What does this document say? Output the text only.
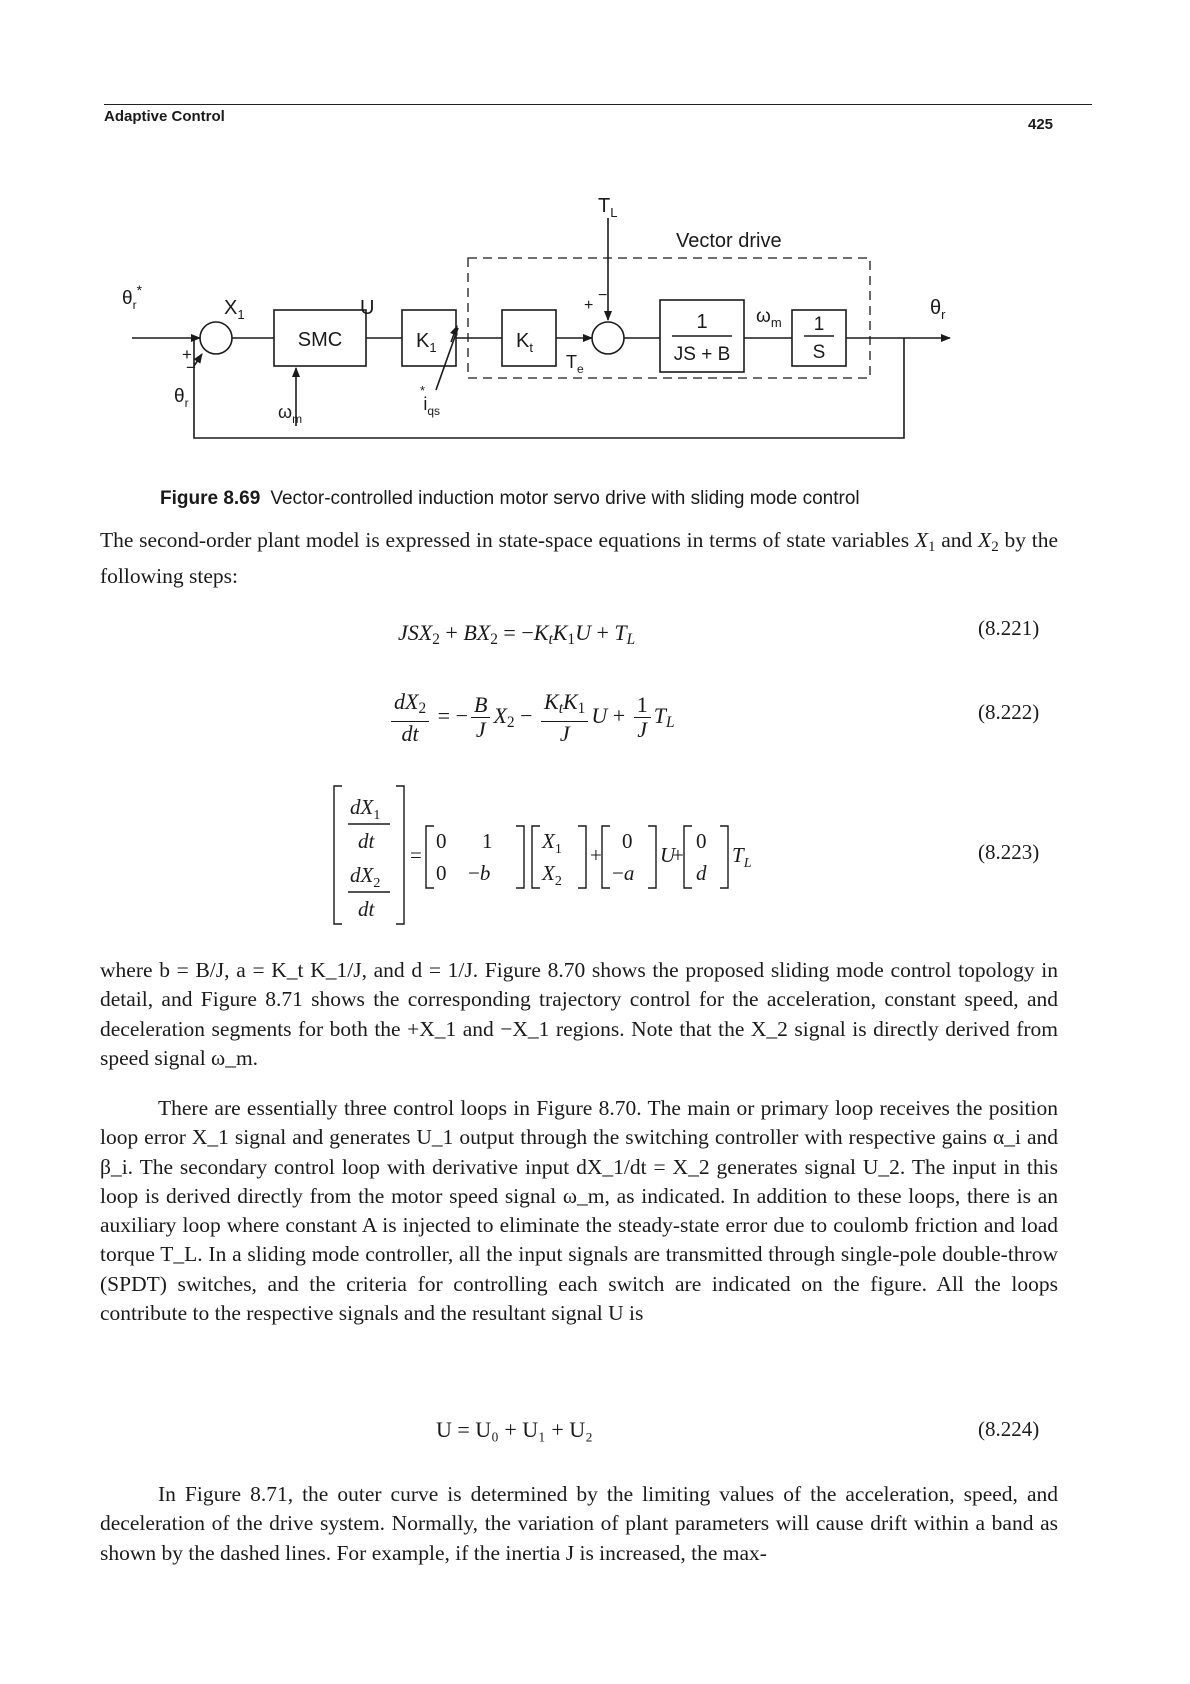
Adaptive Control	425
$T_L$
Vector drive
$\theta_r^*$
+
−
$\theta_r$
$X_1$
SMC
U
$K_1$	$K_t$
$T_e$
+
−
1
JS + B
$\omega_m$ 1
S
$\theta_r$
$\omega_m$
$i_{qs}*$
Figure 8.69 Vector-controlled induction motor servo drive with sliding mode control
The second-order plant model is expressed in state-space equations in terms of state variables $X_1$ and $X_2$ by the following steps:
$JSX_2 + BX_2 = -K_tK_1U + T_L$	(8.221)
$\frac{dX_2}{dt}$ = − $\frac{B}{J} X_2 - \frac{K_tK_1}{J}$ $U + \frac{1}{J} T_L$	(8.222)
$dX_1$
dt
$dX_2$
dt
=
0 1
0 −b
$X_1$
$X_2$
+
0
−a
U
+
0
d
$T_L$	(8.223)
where b = B/J, a = K_t K_1/J, and d = 1/J. Figure 8.70 shows the proposed sliding mode control topology in detail, and Figure 8.71 shows the corresponding trajectory control for the acceleration, constant speed, and deceleration segments for both the +X_1 and −X_1 regions. Note that the X_2 signal is directly derived from speed signal ω_m.
There are essentially three control loops in Figure 8.70. The main or primary loop receives the position loop error X_1 signal and generates U_1 output through the switching controller with respective gains α_i and β_i. The secondary control loop with derivative input dX_1/dt = X_2 generates signal U_2. The input in this loop is derived directly from the motor speed signal ω_m, as indicated. In addition to these loops, there is an auxiliary loop where constant A is injected to eliminate the steady-state error due to coulomb friction and load torque T_L. In a sliding mode controller, all the input signals are transmitted through single-pole double-throw (SPDT) switches, and the criteria for controlling each switch are indicated on the figure. All the loops contribute to the respective signals and the resultant signal U is
U = U₀ + U₁ + U₂	(8.224)
In Figure 8.71, the outer curve is determined by the limiting values of the acceleration, speed, and deceleration of the drive system. Normally, the variation of plant parameters will cause drift within a band as shown by the dashed lines. For example, if the inertia J is increased, the max-
